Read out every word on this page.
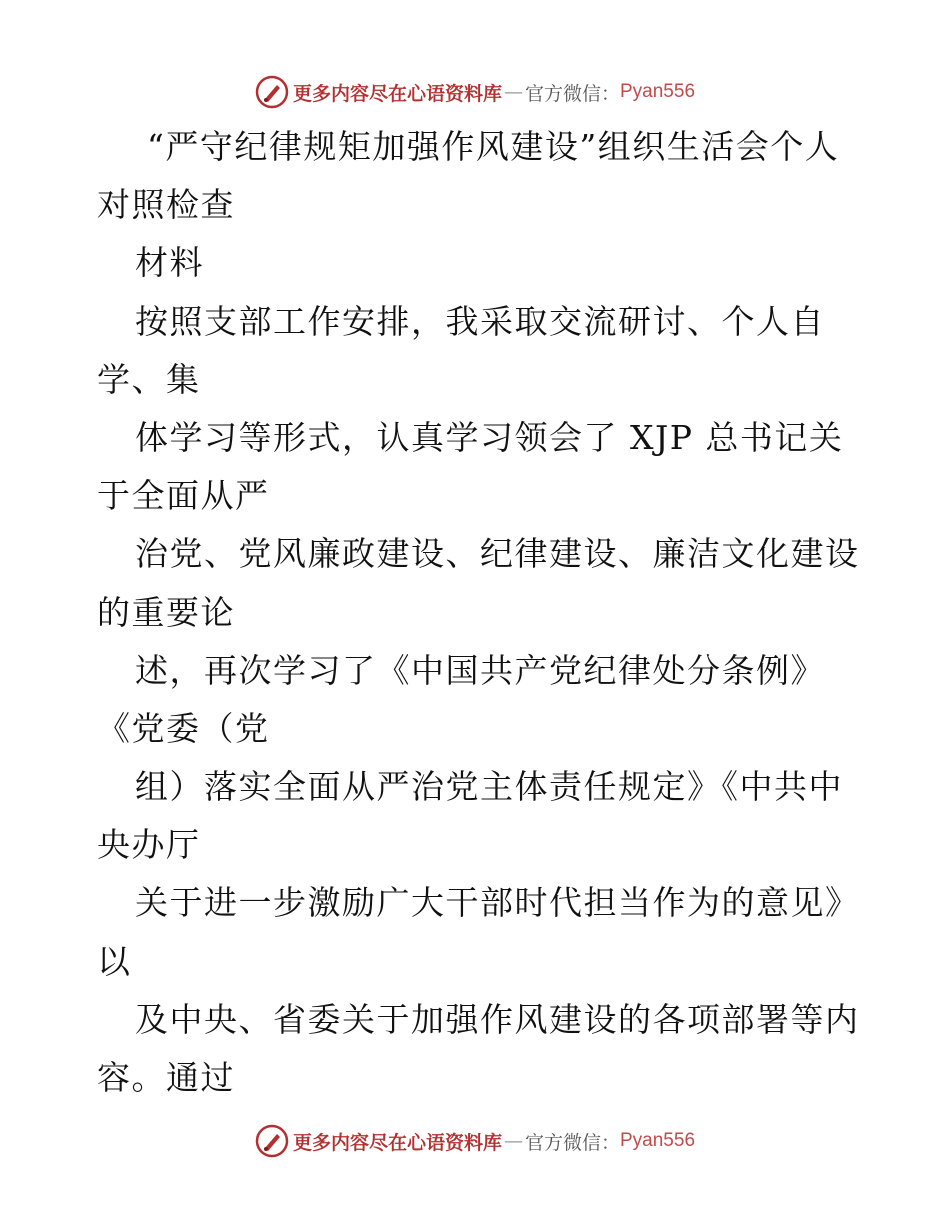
更多内容尽在心语资料库 — 官方微信： Pyan556
“严守纪律规矩加强作风建设”组织生活会个人
对照检查
材料
按照支部工作安排，我采取交流研讨、个人自
学、集
体学习等形式，认真学习领会了 XJP 总书记关
于全面从严
治党、党风廉政建设、纪律建设、廉洁文化建设
的重要论
述，再次学习了《中国共产党纪律处分条例》
《党委（党
组）落实全面从严治党主体责任规定》《中共中
央办厅
关于进一步激励广大干部时代担当作为的意见》
以
及中央、省委关于加强作风建设的各项部署等内
容。通过
更多内容尽在心语资料库 — 官方微信： Pyan556
